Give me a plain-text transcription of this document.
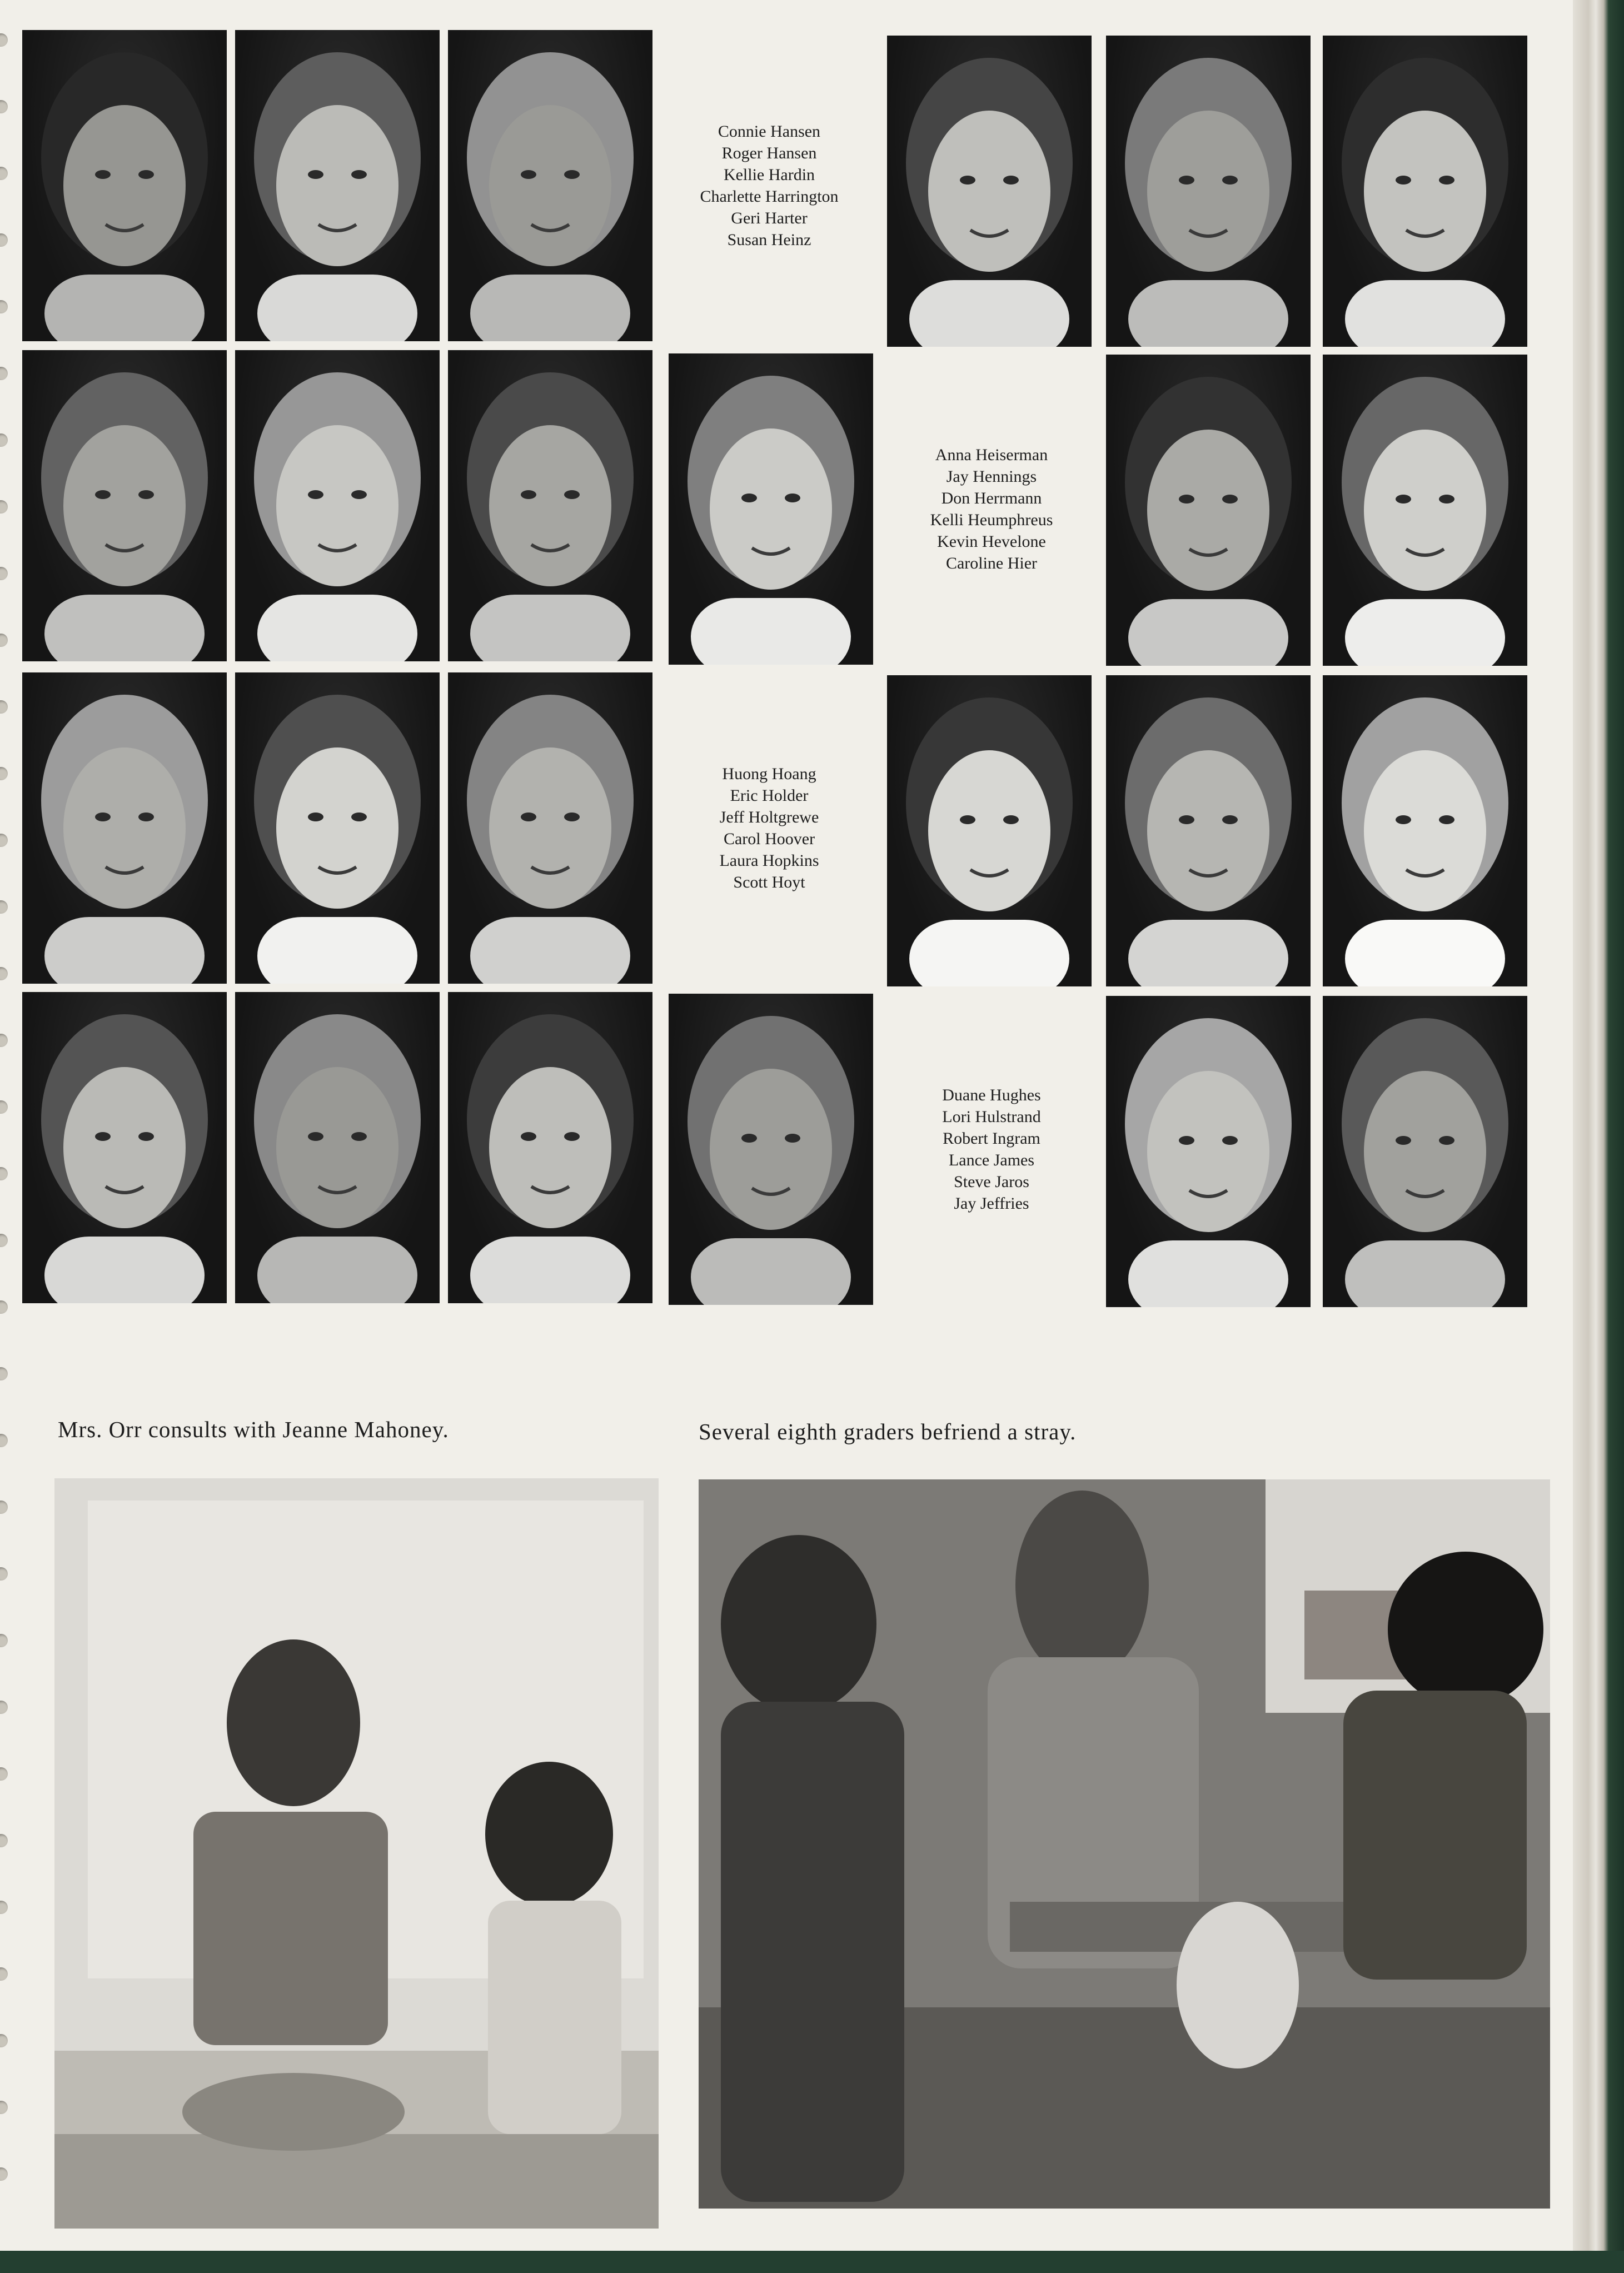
Connie Hansen
Roger Hansen
Kellie Hardin
Charlette Harrington
Geri Harter
Susan Heinz
Anna Heiserman
Jay Hennings
Don Herrmann
Kelli Heumphreus
Kevin Hevelone
Caroline Hier
Huong Hoang
Eric Holder
Jeff Holtgrewe
Carol Hoover
Laura Hopkins
Scott Hoyt
Duane Hughes
Lori Hulstrand
Robert Ingram
Lance James
Steve Jaros
Jay Jeffries
Mrs. Orr consults with Jeanne Mahoney.	Several eighth graders befriend a stray.
